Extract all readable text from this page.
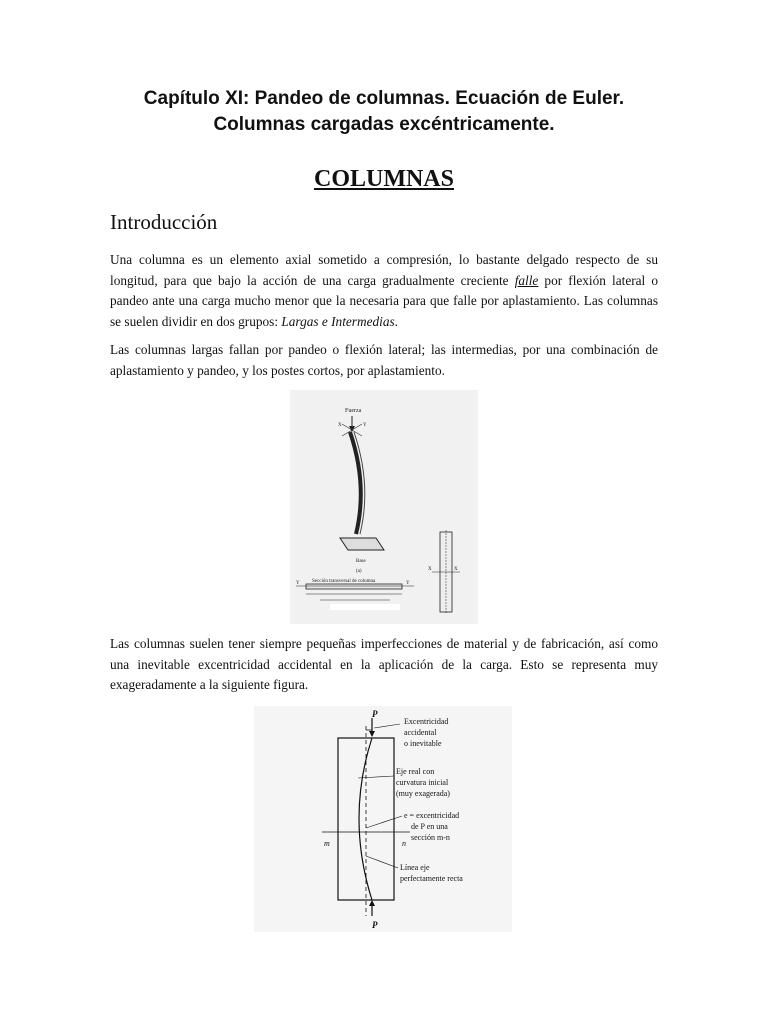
Capítulo XI: Pandeo de columnas. Ecuación de Euler.
Columnas cargadas excéntricamente.
COLUMNAS
Introducción
Una columna es un elemento axial sometido a compresión, lo bastante delgado respecto de su longitud, para que bajo la acción de una carga gradualmente creciente falle por flexión lateral o pandeo ante una carga mucho menor que la necesaria para que falle por aplastamiento. Las columnas se suelen dividir en dos grupos: Largas e Intermedias.
Las columnas largas fallan por pandeo o flexión lateral; las intermedias, por una combinación de aplastamiento y pandeo, y los postes cortos, por aplastamiento.
Fuerza
X	Y
Base
(a)
Sección transversal de columna
Y	Y
X	X
Las columnas suelen tener siempre pequeñas imperfecciones de material y de fabricación, así como una inevitable excentricidad accidental en la aplicación de la carga. Esto se representa muy exageradamente a la siguiente figura.
P
m	n
P
Excentricidad
accidental
o inevitable
Eje real con
curvatura inicial
(muy exagerada)
e = excentricidad
de P en una
sección m-n
Línea eje
perfectamente recta
